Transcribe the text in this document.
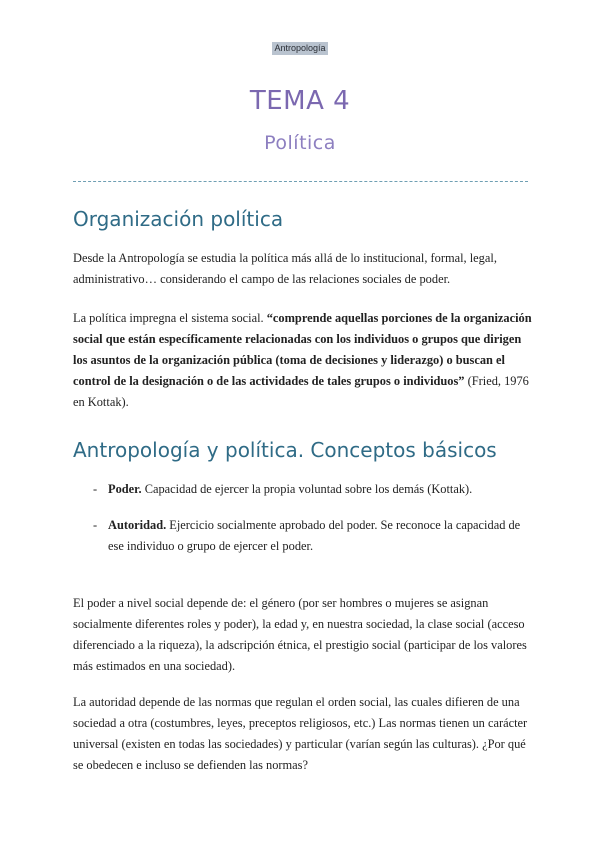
Antropología
TEMA 4
Política
Organización política

Desde la Antropología se estudia la política más allá de lo institucional, formal, legal, administrativo… considerando el campo de las relaciones sociales de poder.

La política impregna el sistema social. “comprende aquellas porciones de la organización social que están específicamente relacionadas con los individuos o grupos que dirigen los asuntos de la organización pública (toma de decisiones y liderazgo) o buscan el control de la designación o de las actividades de tales grupos o individuos” (Fried, 1976 en Kottak).

Antropología y política. Conceptos básicos
- Poder. Capacidad de ejercer la propia voluntad sobre los demás (Kottak).
- Autoridad. Ejercicio socialmente aprobado del poder. Se reconoce la capacidad de ese individuo o grupo de ejercer el poder.

El poder a nivel social depende de: el género (por ser hombres o mujeres se asignan socialmente diferentes roles y poder), la edad y, en nuestra sociedad, la clase social (acceso diferenciado a la riqueza), la adscripción étnica, el prestigio social (participar de los valores más estimados en una sociedad).

La autoridad depende de las normas que regulan el orden social, las cuales difieren de una sociedad a otra (costumbres, leyes, preceptos religiosos, etc.) Las normas tienen un carácter universal (existen en todas las sociedades) y particular (varían según las culturas). ¿Por qué se obedecen e incluso se defienden las normas?
